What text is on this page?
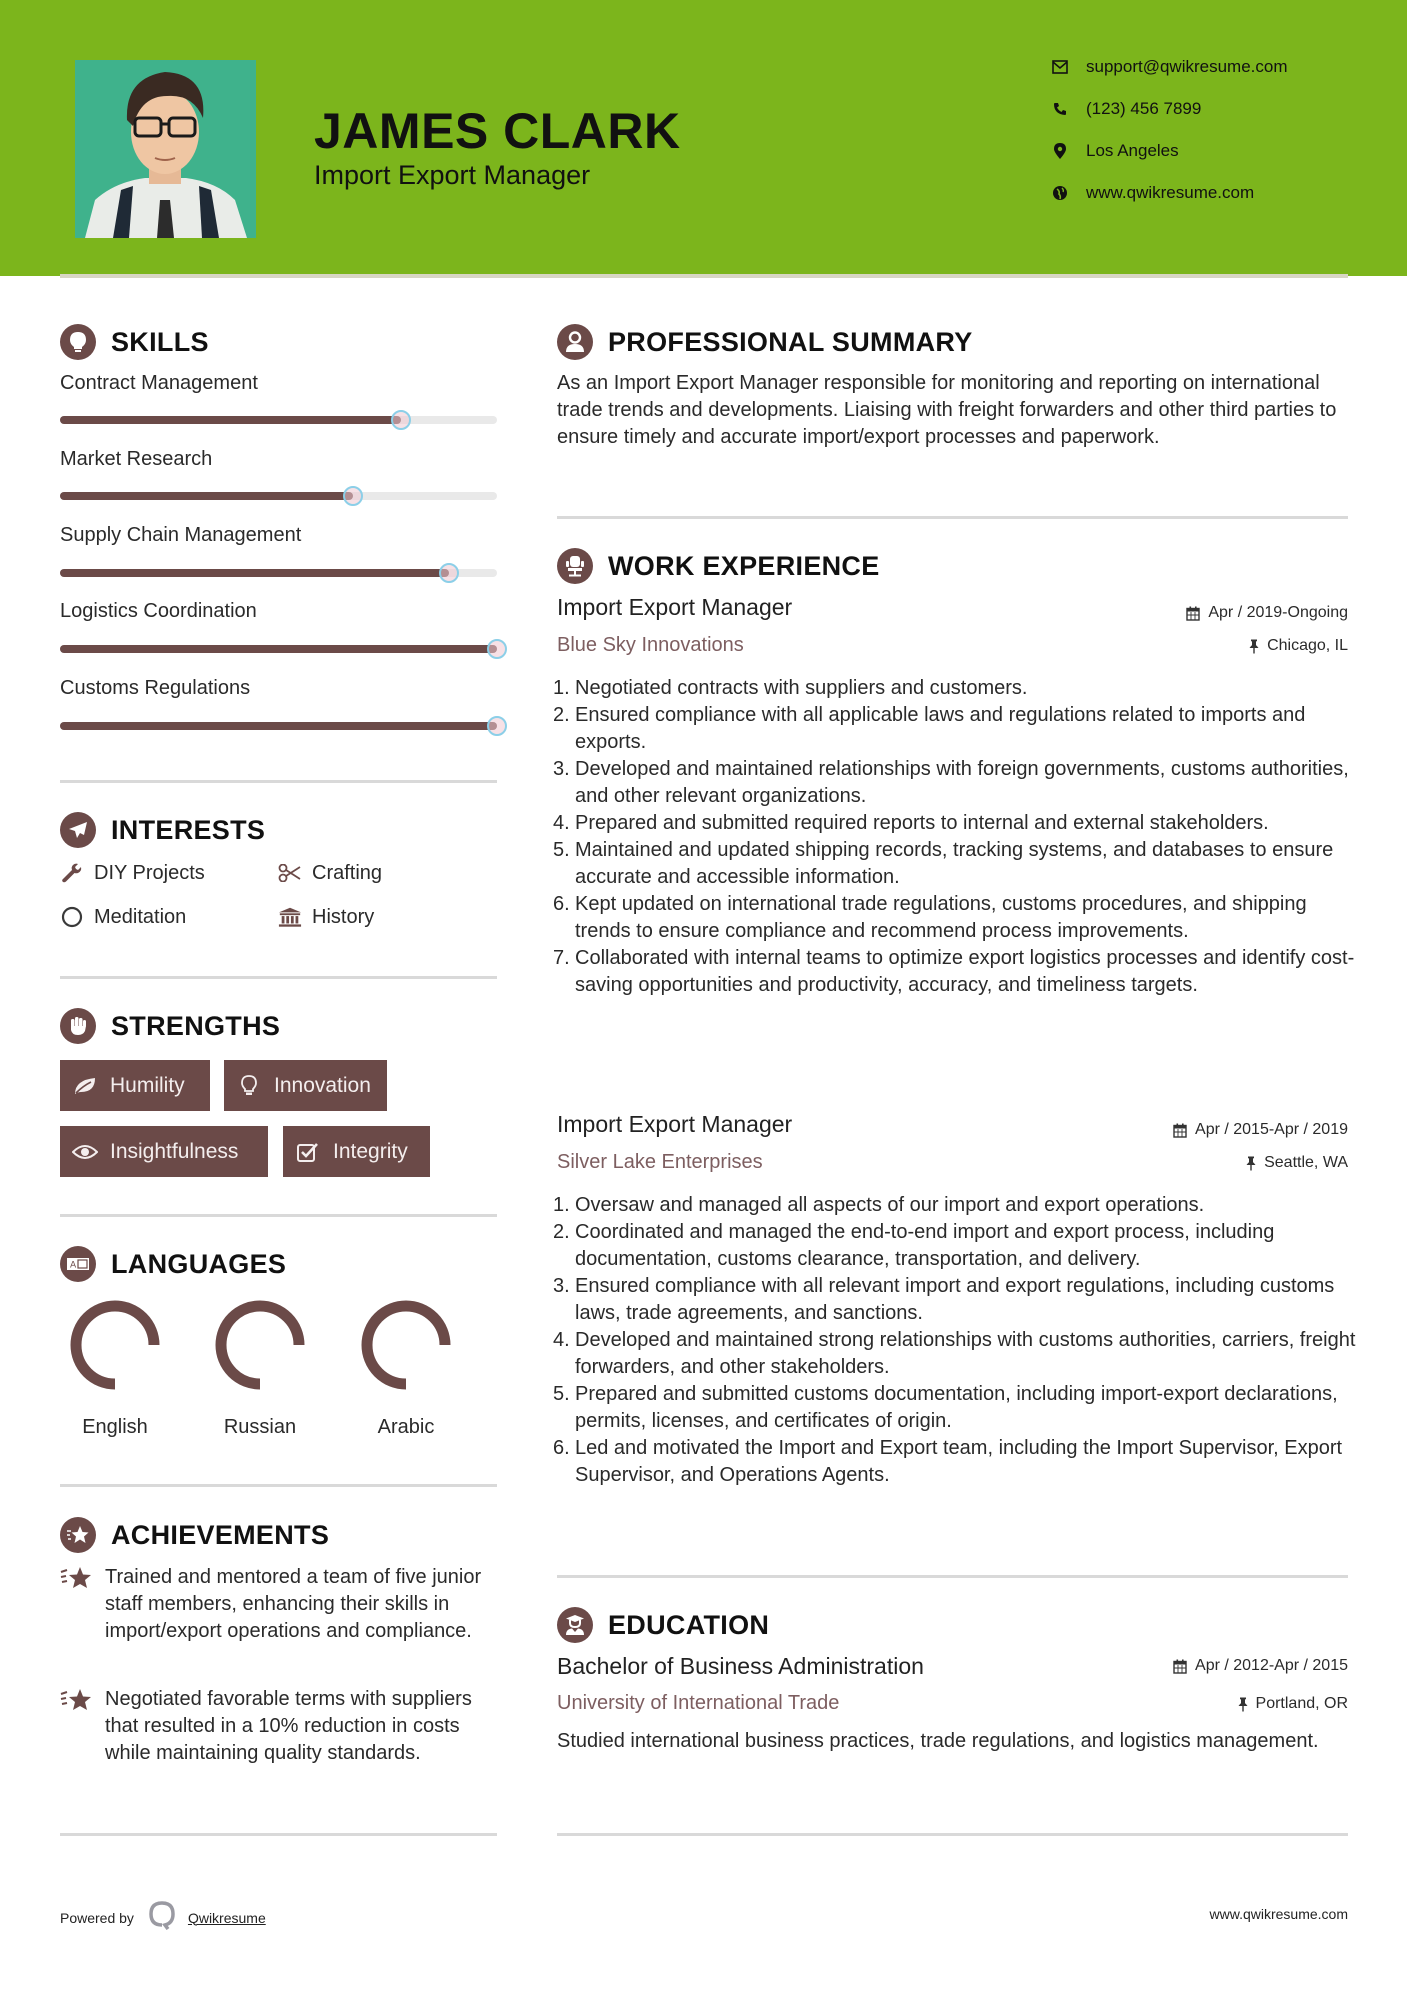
JAMES CLARK
Import Export Manager
support@qwikresume.com
(123) 456 7899
Los Angeles
www.qwikresume.com
SKILLS
Contract Management
Market Research
Supply Chain Management
Logistics Coordination
Customs Regulations
INTERESTS
DIY Projects	Crafting
Meditation	History
STRENGTHS
Humility	Innovation
Insightfulness	Integrity
A LANGUAGES
English	Russian	Arabic
ACHIEVEMENTS
Trained and mentored a team of five junior staff members, enhancing their skills in import/export operations and compliance.
Negotiated favorable terms with suppliers that resulted in a 10% reduction in costs while maintaining quality standards.
PROFESSIONAL SUMMARY
As an Import Export Manager responsible for monitoring and reporting on international trade trends and developments. Liaising with freight forwarders and other third parties to ensure timely and accurate import/export processes and paperwork.
WORK EXPERIENCE
Import Export Manager	Apr / 2019-Ongoing
Blue Sky Innovations	Chicago, IL
1. Negotiated contracts with suppliers and customers.
2. Ensured compliance with all applicable laws and regulations related to imports and exports.
3. Developed and maintained relationships with foreign governments, customs authorities, and other relevant organizations.
4. Prepared and submitted required reports to internal and external stakeholders.
5. Maintained and updated shipping records, tracking systems, and databases to ensure accurate and accessible information.
6. Kept updated on international trade regulations, customs procedures, and shipping trends to ensure compliance and recommend process improvements.
7. Collaborated with internal teams to optimize export logistics processes and identify cost-saving opportunities and productivity, accuracy, and timeliness targets.
Import Export Manager	Apr / 2015-Apr / 2019
Silver Lake Enterprises	Seattle, WA
1. Oversaw and managed all aspects of our import and export operations.
2. Coordinated and managed the end-to-end import and export process, including documentation, customs clearance, transportation, and delivery.
3. Ensured compliance with all relevant import and export regulations, including customs laws, trade agreements, and sanctions.
4. Developed and maintained strong relationships with customs authorities, carriers, freight forwarders, and other stakeholders.
5. Prepared and submitted customs documentation, including import-export declarations, permits, licenses, and certificates of origin.
6. Led and motivated the Import and Export team, including the Import Supervisor, Export Supervisor, and Operations Agents.
EDUCATION
Bachelor of Business Administration	Apr / 2012-Apr / 2015
University of International Trade	Portland, OR
Studied international business practices, trade regulations, and logistics management.
Powered by	Qwikresume	www.qwikresume.com
